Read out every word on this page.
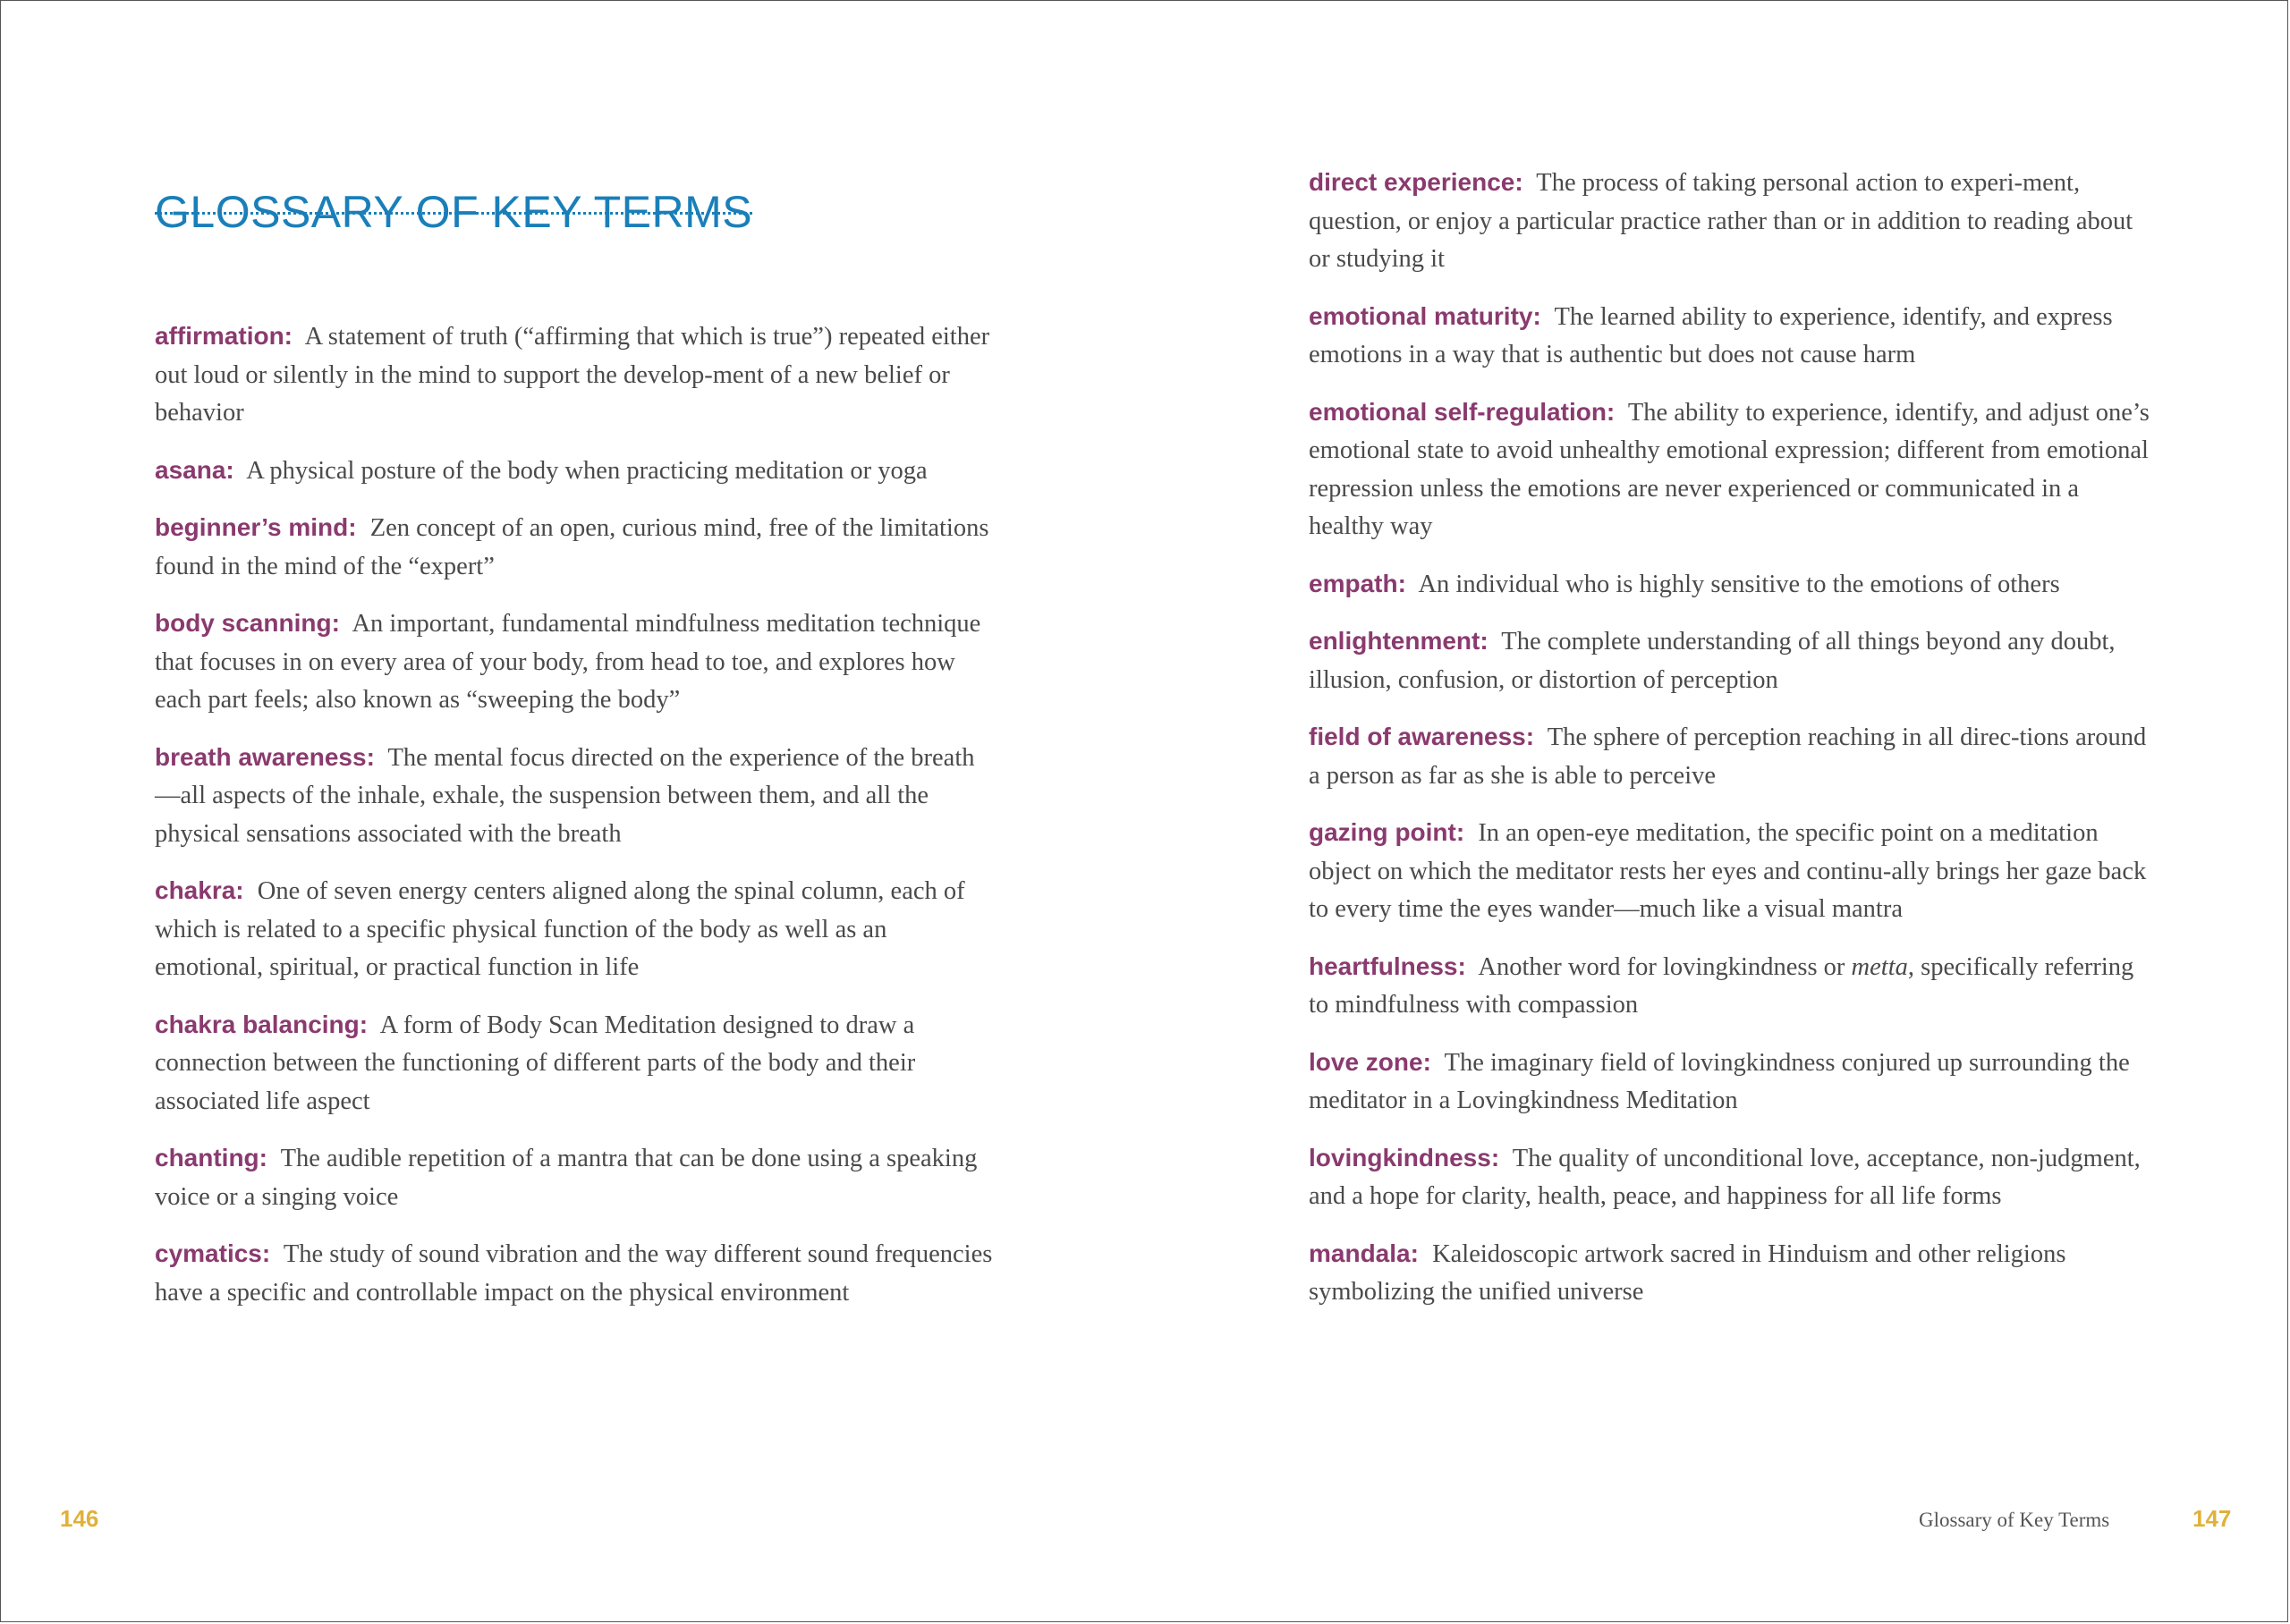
GLOSSARY OF KEY TERMS

affirmation: A statement of truth (“affirming that which is true”) repeated either out loud or silently in the mind to support the develop-ment of a new belief or behavior

asana: A physical posture of the body when practicing meditation or yoga

beginner’s mind: Zen concept of an open, curious mind, free of the limitations found in the mind of the “expert”

body scanning: An important, fundamental mindfulness meditation technique that focuses in on every area of your body, from head to toe, and explores how each part feels; also known as “sweeping the body”

breath awareness: The mental focus directed on the experience of the breath—all aspects of the inhale, exhale, the suspension between them, and all the physical sensations associated with the breath

chakra: One of seven energy centers aligned along the spinal column, each of which is related to a specific physical function of the body as well as an emotional, spiritual, or practical function in life

chakra balancing: A form of Body Scan Meditation designed to draw a connection between the functioning of different parts of the body and their associated life aspect

chanting: The audible repetition of a mantra that can be done using a speaking voice or a singing voice

cymatics: The study of sound vibration and the way different sound frequencies have a specific and controllable impact on the physical environment

direct experience: The process of taking personal action to experi-ment, question, or enjoy a particular practice rather than or in addition to reading about or studying it

emotional maturity: The learned ability to experience, identify, and express emotions in a way that is authentic but does not cause harm

emotional self-regulation: The ability to experience, identify, and adjust one’s emotional state to avoid unhealthy emotional expression; different from emotional repression unless the emotions are never experienced or communicated in a healthy way

empath: An individual who is highly sensitive to the emotions of others

enlightenment: The complete understanding of all things beyond any doubt, illusion, confusion, or distortion of perception

field of awareness: The sphere of perception reaching in all direc-tions around a person as far as she is able to perceive

gazing point: In an open-eye meditation, the specific point on a meditation object on which the meditator rests her eyes and continu-ally brings her gaze back to every time the eyes wander—much like a visual mantra

heartfulness: Another word for lovingkindness or metta, specifically referring to mindfulness with compassion

love zone: The imaginary field of lovingkindness conjured up surrounding the meditator in a Lovingkindness Meditation

lovingkindness: The quality of unconditional love, acceptance, non-judgment, and a hope for clarity, health, peace, and happiness for all life forms

mandala: Kaleidoscopic artwork sacred in Hinduism and other religions symbolizing the unified universe

146	Glossary of Key Terms	147
